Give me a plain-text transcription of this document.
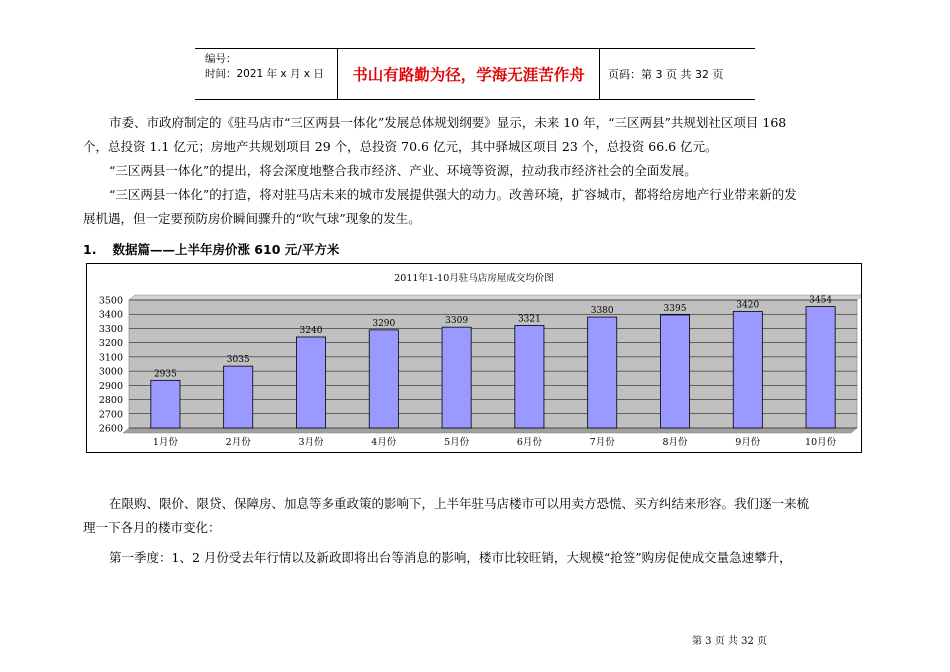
编号：
时间：2021 年 x 月 x 日	书山有路勤为径，学海无涯苦作舟	页码：第 3 页 共 32 页
市委、市政府制定的《驻马店市“三区两县一体化”发展总体规划纲要》显示，未来 10 年，“三区两县”共规划社区项目 168
个，总投资 1.1 亿元；房地产共规划项目 29 个，总投资 70.6 亿元，其中驿城区项目 23 个，总投资 66.6 亿元。
“三区两县一体化”的提出，将会深度地整合我市经济、产业、环境等资源，拉动我市经济社会的全面发展。
“三区两县一体化”的打造，将对驻马店未来的城市发展提供强大的动力。改善环境，扩容城市，都将给房地产行业带来新的发
展机遇，但一定要预防房价瞬间骤升的“吹气球”现象的发生。
1. 数据篇——上半年房价涨 610 元/平方米
2011年1-10月驻马店房屋成交均价图
2600
2700
2800
2900
3000
3100
3200
3300
3400
3500
2935
1月份
3035
2月份
3240
3月份
3290
4月份
3309
5月份
3321
6月份
3380
7月份
3395
8月份
3420
9月份
3454
10月份
在限购、限价、限贷、保障房、加息等多重政策的影响下，上半年驻马店楼市可以用卖方恐慌、买方纠结来形容。我们逐一来梳
理一下各月的楼市变化：
第一季度：1、2 月份受去年行情以及新政即将出台等消息的影响，楼市比较旺销，大规模“抢签”购房促使成交量急速攀升，
第 3 页 共 32 页
